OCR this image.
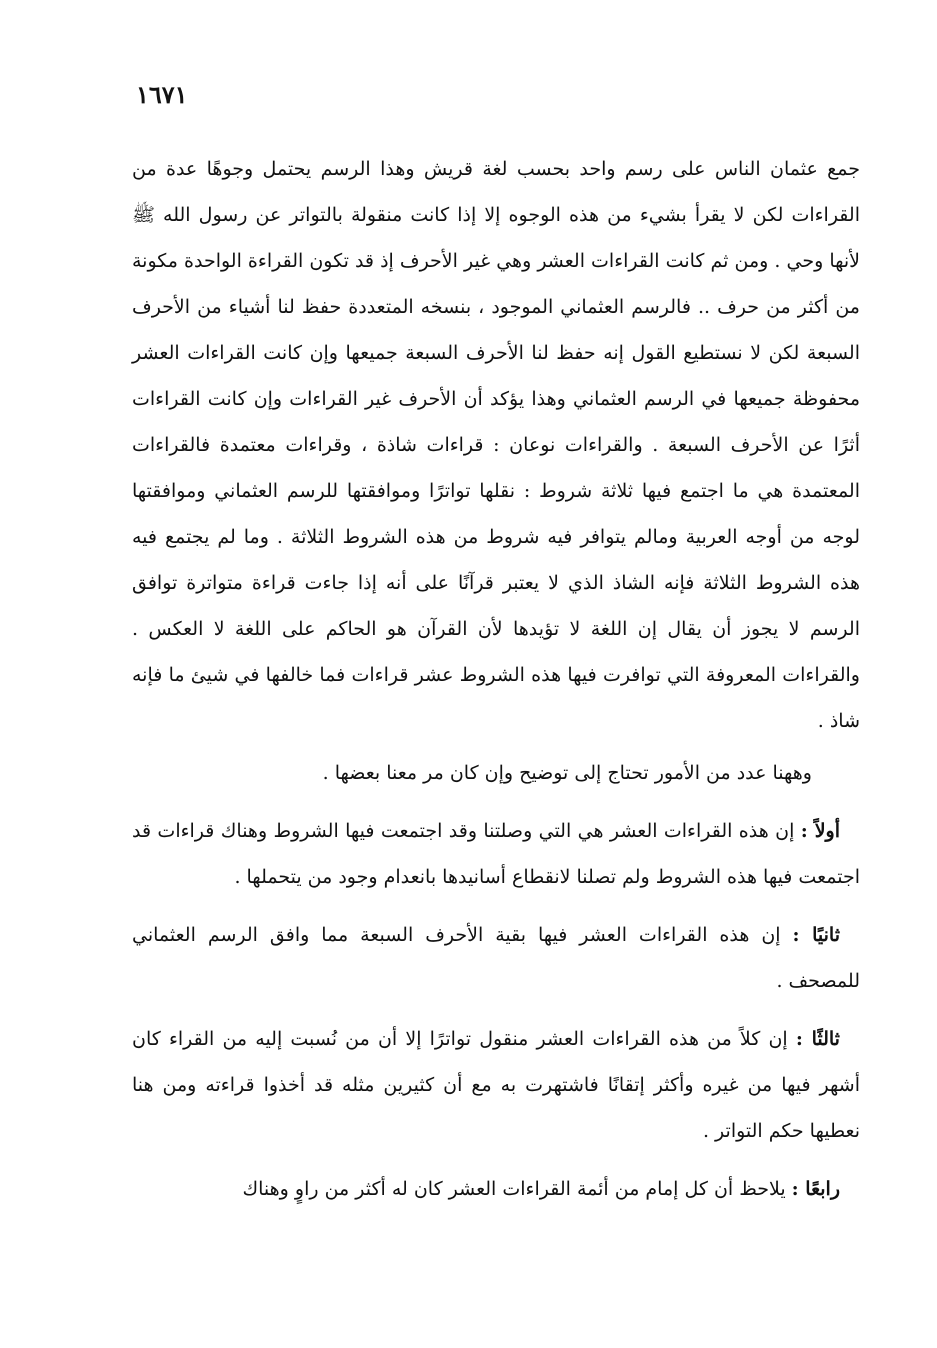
١٦٧١

جمع عثمان الناس على رسم واحد بحسب لغة قريش وهذا الرسم يحتمل وجوهًا عدة من القراءات لكن لا يقرأ بشيء من هذه الوجوه إلا إذا كانت منقولة بالتواتر عن رسول الله ﷺ لأنها وحي . ومن ثم كانت القراءات العشر وهي غير الأحرف إذ قد تكون القراءة الواحدة مكونة من أكثر من حرف .. فالرسم العثماني الموجود ، بنسخه المتعددة حفظ لنا أشياء من الأحرف السبعة لكن لا نستطيع القول إنه حفظ لنا الأحرف السبعة جميعها وإن كانت القراءات العشر محفوظة جميعها في الرسم العثماني وهذا يؤكد أن الأحرف غير القراءات وإن كانت القراءات أثرًا عن الأحرف السبعة . والقراءات نوعان : قراءات شاذة ، وقراءات معتمدة فالقراءات المعتمدة هي ما اجتمع فيها ثلاثة شروط : نقلها تواترًا وموافقتها للرسم العثماني وموافقتها لوجه من أوجه العربية ومالم يتوافر فيه شروط من هذه الشروط الثلاثة . وما لم يجتمع فيه هذه الشروط الثلاثة فإنه الشاذ الذي لا يعتبر قرآنًا على أنه إذا جاءت قراءة متواترة توافق الرسم لا يجوز أن يقال إن اللغة لا تؤيدها لأن القرآن هو الحاكم على اللغة لا العكس . والقراءات المعروفة التي توافرت فيها هذه الشروط عشر قراءات فما خالفها في شيئ ما فإنه شاذ .

وههنا عدد من الأمور تحتاج إلى توضيح وإن كان مر معنا بعضها .

أولاً : إن هذه القراءات العشر هي التي وصلتنا وقد اجتمعت فيها الشروط وهناك قراءات قد اجتمعت فيها هذه الشروط ولم تصلنا لانقطاع أسانيدها بانعدام وجود من يتحملها .

ثانيًا : إن هذه القراءات العشر فيها بقية الأحرف السبعة مما وافق الرسم العثماني للمصحف .

ثالثًا : إن كلاً من هذه القراءات العشر منقول تواترًا إلا أن من نُسبت إليه من القراء كان أشهر فيها من غيره وأكثر إتقانًا فاشتهرت به مع أن كثيرين مثله قد أخذوا قراءته ومن هنا نعطيها حكم التواتر .

رابعًا : يلاحظ أن كل إمام من أئمة القراءات العشر كان له أكثر من راوٍ وهناك
